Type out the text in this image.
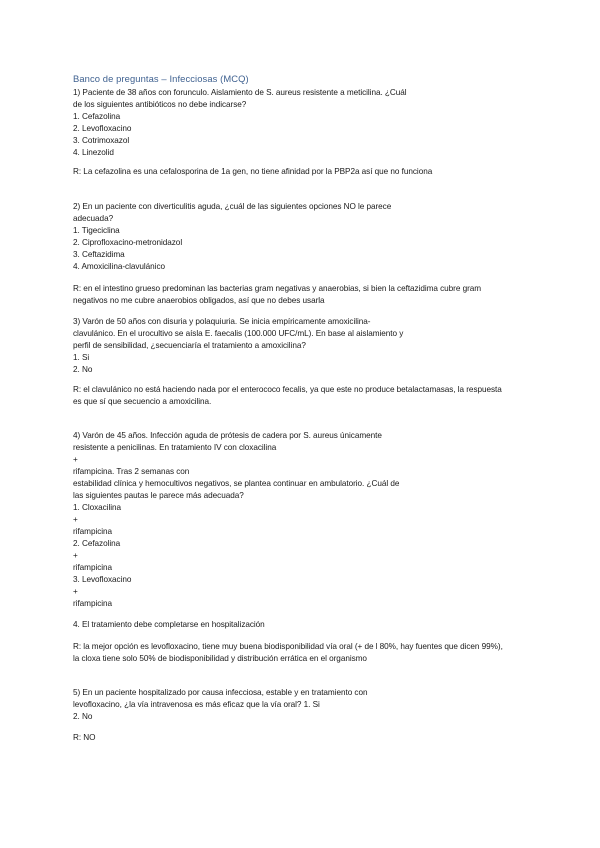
Banco de preguntas – Infecciosas (MCQ)
1) Paciente de 38 años con forunculo. Aislamiento de S. aureus resistente a meticilina. ¿Cuál
de los siguientes antibióticos no debe indicarse?
1. Cefazolina
2. Levofloxacino
3. Cotrimoxazol
4. Linezolid
R: La cefazolina es una cefalosporina de 1a gen, no tiene afinidad por la PBP2a así que no funciona
2) En un paciente con diverticulitis aguda, ¿cuál de las siguientes opciones NO le parece
adecuada?
1. Tigeciclina
2. Ciprofloxacino-metronidazol
3. Ceftazidima
4. Amoxicilina-clavulánico
R: en el intestino grueso predominan las bacterias gram negativas y anaerobias, si bien la ceftazidima cubre gram
negativos no me cubre anaerobios obligados, así que no debes usarla
3) Varón de 50 años con disuria y polaquiuria. Se inicia empíricamente amoxicilina-
clavulánico. En el urocultivo se aísla E. faecalis (100.000 UFC/mL). En base al aislamiento y
perfil de sensibilidad, ¿secuenciaría el tratamiento a amoxicilina?
1. Si
2. No
R: el clavulánico no está haciendo nada por el enterococo fecalis, ya que este no produce betalactamasas, la respuesta
es que sí que secuencio a amoxicilina.
4) Varón de 45 años. Infección aguda de prótesis de cadera por S. aureus únicamente
resistente a penicilinas. En tratamiento IV con cloxacilina
+
rifampicina. Tras 2 semanas con
estabilidad clínica y hemocultivos negativos, se plantea continuar en ambulatorio. ¿Cuál de
las siguientes pautas le parece más adecuada?
1. Cloxacilina
+
rifampicina
2. Cefazolina
+
rifampicina
3. Levofloxacino
+
rifampicina
4. El tratamiento debe completarse en hospitalización
R: la mejor opción es levofloxacino, tiene muy buena biodisponibilidad vía oral (+ de l 80%, hay fuentes que dicen 99%),
la cloxa tiene solo 50% de biodisponibilidad y distribución errática en el organismo
5) En un paciente hospitalizado por causa infecciosa, estable y en tratamiento con
levofloxacino, ¿la vía intravenosa es más eficaz que la vía oral? 1. Si
2. No
R: NO
